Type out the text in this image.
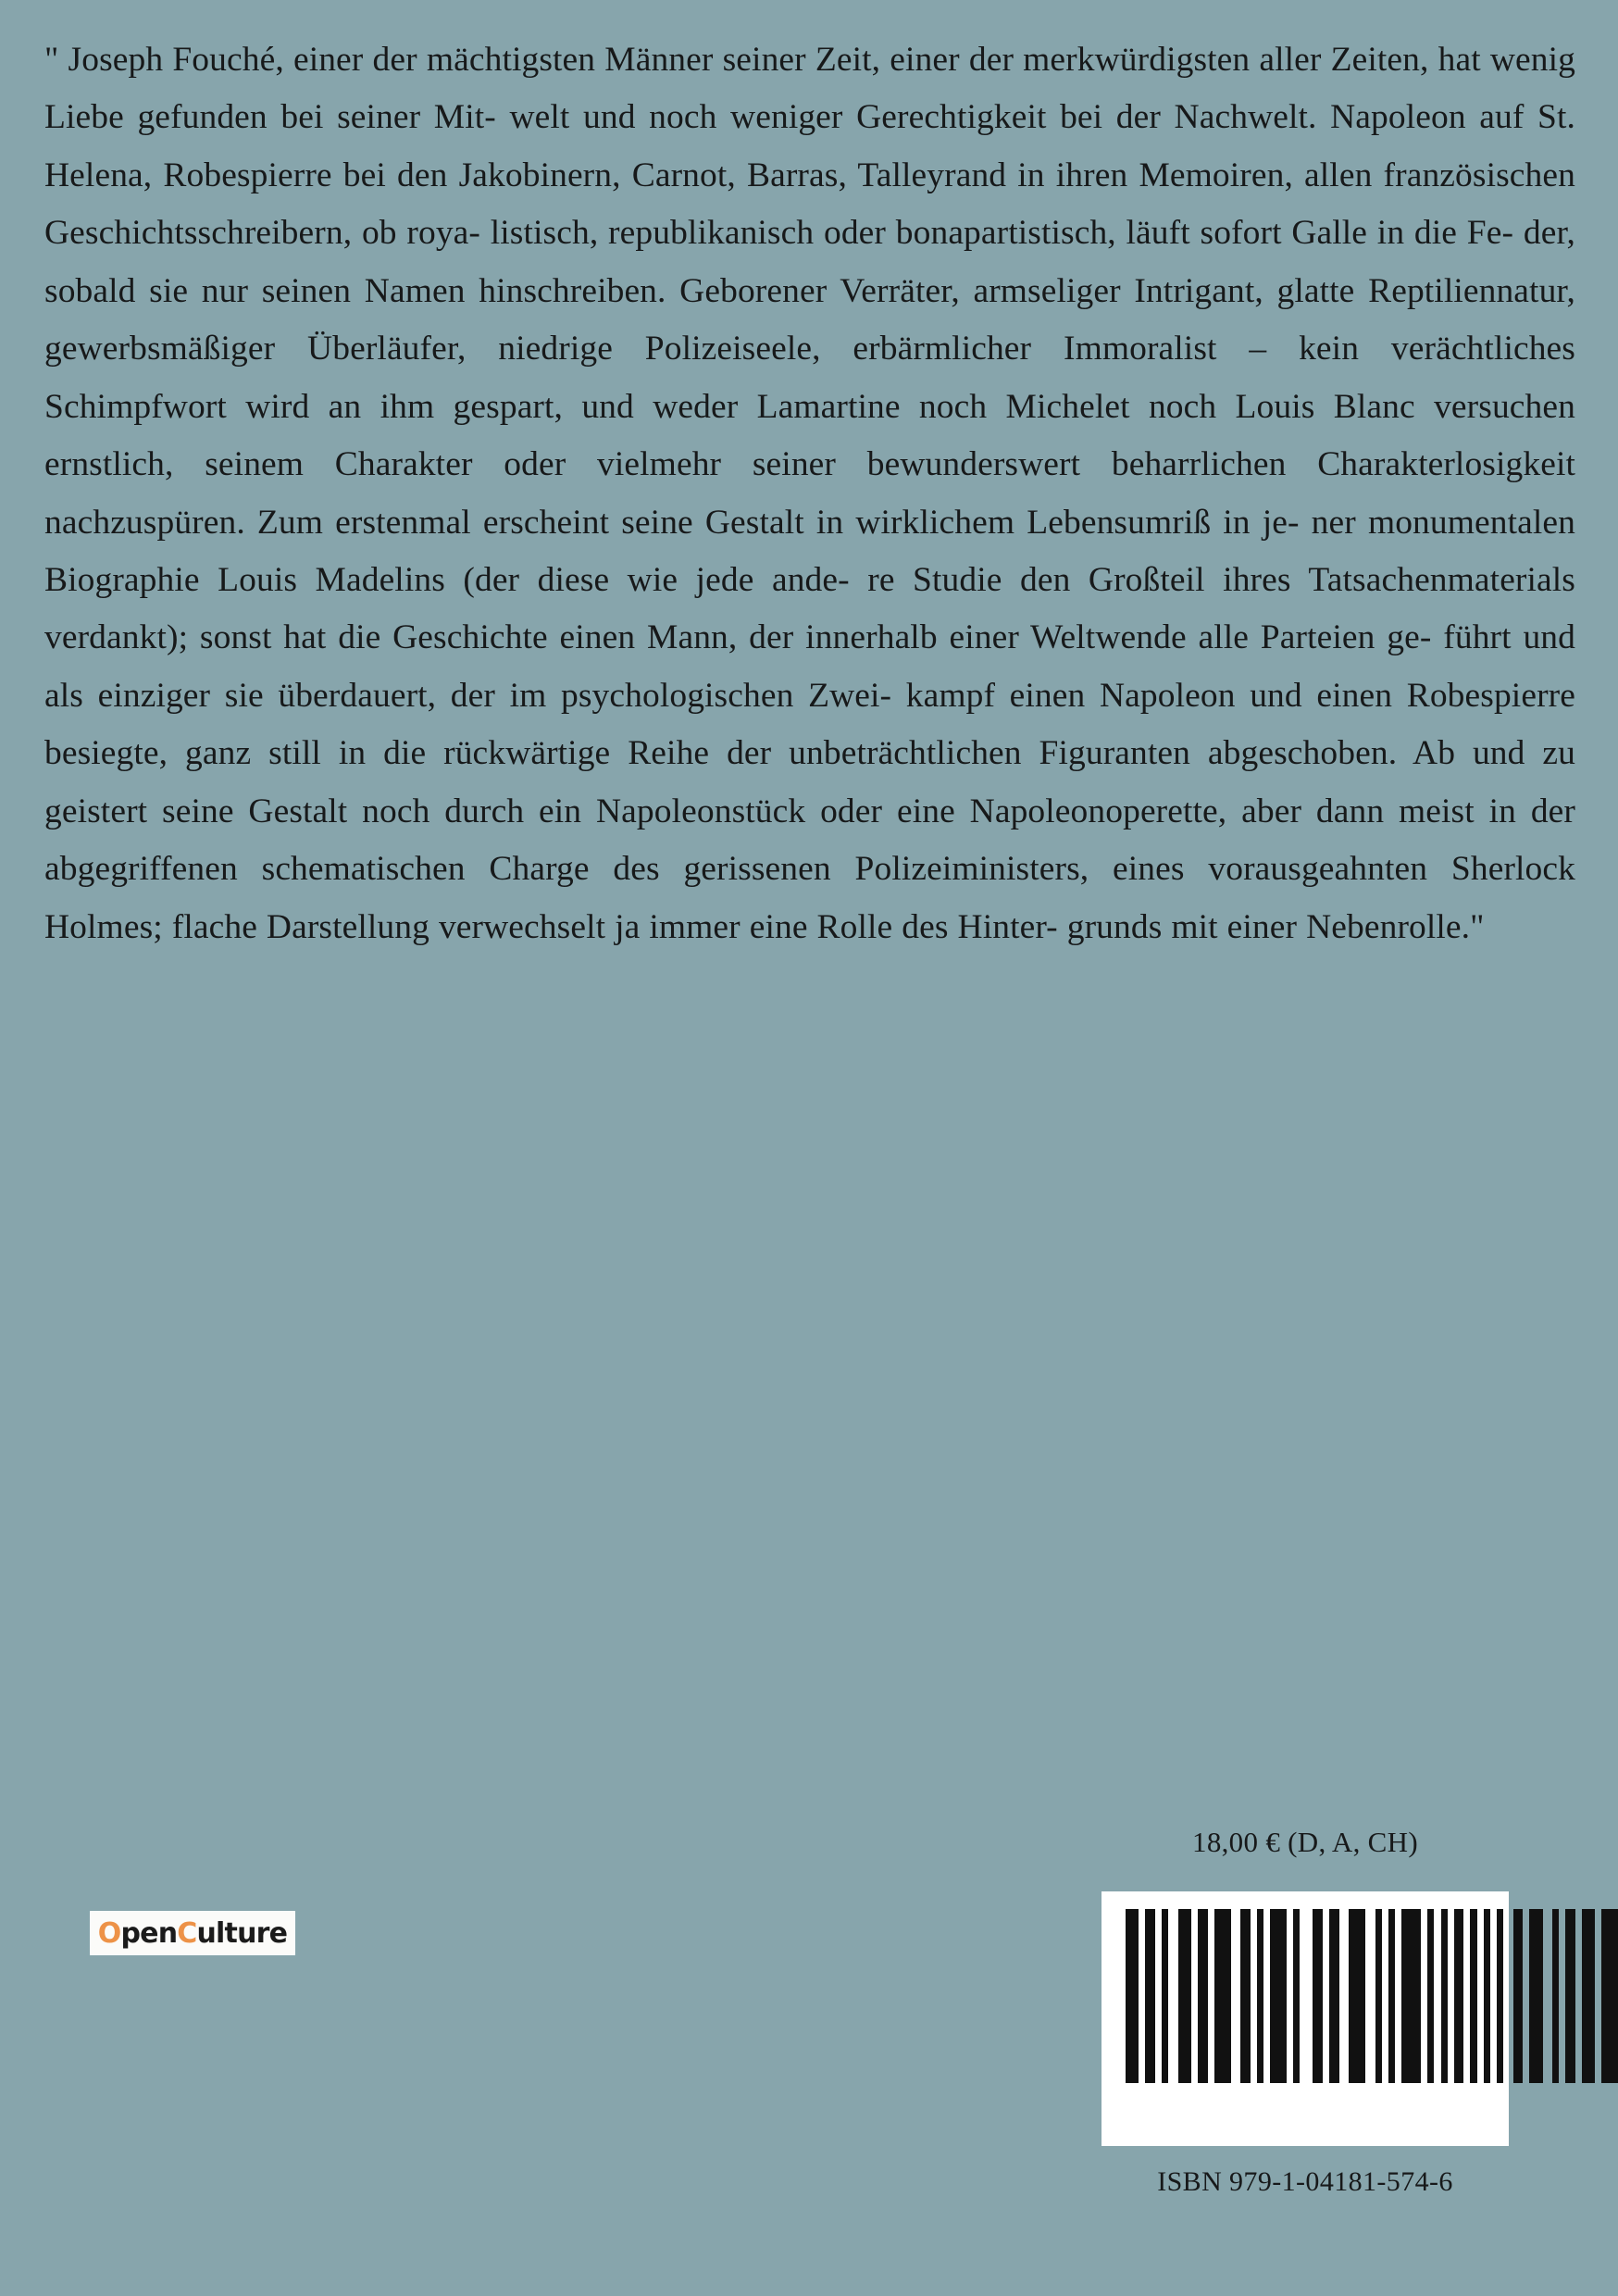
" Joseph Fouché, einer der mächtigsten Männer seiner Zeit, einer der merkwürdigsten aller Zeiten, hat wenig Liebe gefunden bei seiner Mit- welt und noch weniger Gerechtigkeit bei der Nachwelt. Napoleon auf St. Helena, Robespierre bei den Jakobinern, Carnot, Barras, Talleyrand in ihren Memoiren, allen französischen Geschichtsschreibern, ob roya- listisch, republikanisch oder bonapartistisch, läuft sofort Galle in die Fe- der, sobald sie nur seinen Namen hinschreiben. Geborener Verräter, armseliger Intrigant, glatte Reptiliennatur, gewerbsmäßiger Überläufer, niedrige Polizeiseele, erbärmlicher Immoralist – kein verächtliches Schimpfwort wird an ihm gespart, und weder Lamartine noch Michelet noch Louis Blanc versuchen ernstlich, seinem Charakter oder vielmehr seiner bewunderswert beharrlichen Charakterlosigkeit nachzuspüren. Zum erstenmal erscheint seine Gestalt in wirklichem Lebensumriß in je- ner monumentalen Biographie Louis Madelins (der diese wie jede ande- re Studie den Großteil ihres Tatsachenmaterials verdankt); sonst hat die Geschichte einen Mann, der innerhalb einer Weltwende alle Parteien ge- führt und als einziger sie überdauert, der im psychologischen Zwei- kampf einen Napoleon und einen Robespierre besiegte, ganz still in die rückwärtige Reihe der unbeträchtlichen Figuranten abgeschoben. Ab und zu geistert seine Gestalt noch durch ein Napoleonstück oder eine Napoleonoperette, aber dann meist in der abgegriffenen schematischen Charge des gerissenen Polizeiministers, eines vorausgeahnten Sherlock Holmes; flache Darstellung verwechselt ja immer eine Rolle des Hinter- grunds mit einer Nebenrolle."
18,00 € (D, A, CH)
ISBN 979-1-04181-574-6
OpenCulture
